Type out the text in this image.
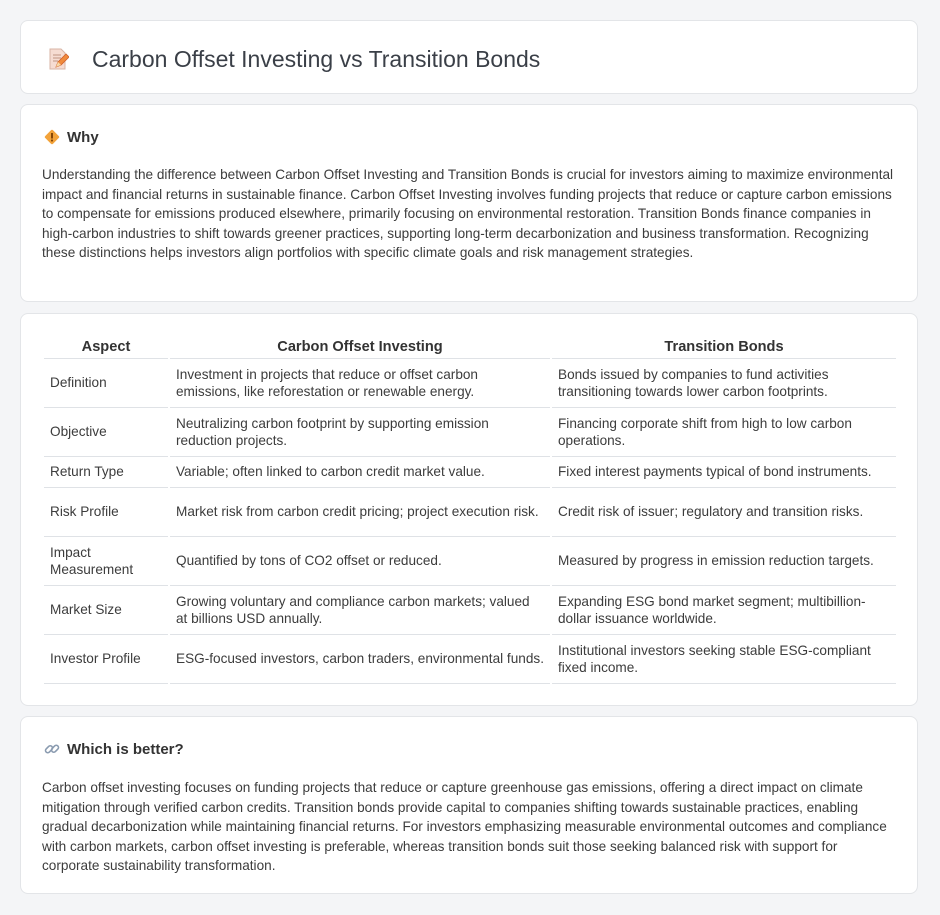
Carbon Offset Investing vs Transition Bonds
Why

Understanding the difference between Carbon Offset Investing and Transition Bonds is crucial for investors aiming to maximize environmental impact and financial returns in sustainable finance. Carbon Offset Investing involves funding projects that reduce or capture carbon emissions to compensate for emissions produced elsewhere, primarily focusing on environmental restoration. Transition Bonds finance companies in high-carbon industries to shift towards greener practices, supporting long-term decarbonization and business transformation. Recognizing these distinctions helps investors align portfolios with specific climate goals and risk management strategies.

Aspect	Carbon Offset Investing	Transition Bonds
Definition	Investment in projects that reduce or offset carbon emissions, like reforestation or renewable energy.	Bonds issued by companies to fund activities transitioning towards lower carbon footprints.
Objective	Neutralizing carbon footprint by supporting emission reduction projects.	Financing corporate shift from high to low carbon operations.
Return Type	Variable; often linked to carbon credit market value.	Fixed interest payments typical of bond instruments.
Risk Profile	Market risk from carbon credit pricing; project execution risk.	Credit risk of issuer; regulatory and transition risks.
Impact Measurement	Quantified by tons of CO2 offset or reduced.	Measured by progress in emission reduction targets.
Market Size	Growing voluntary and compliance carbon markets; valued at billions USD annually.	Expanding ESG bond market segment; multibillion-dollar issuance worldwide.
Investor Profile	ESG-focused investors, carbon traders, environmental funds.	Institutional investors seeking stable ESG-compliant fixed income.
Which is better?

Carbon offset investing focuses on funding projects that reduce or capture greenhouse gas emissions, offering a direct impact on climate mitigation through verified carbon credits. Transition bonds provide capital to companies shifting towards sustainable practices, enabling gradual decarbonization while maintaining financial returns. For investors emphasizing measurable environmental outcomes and compliance with carbon markets, carbon offset investing is preferable, whereas transition bonds suit those seeking balanced risk with support for corporate sustainability transformation.
